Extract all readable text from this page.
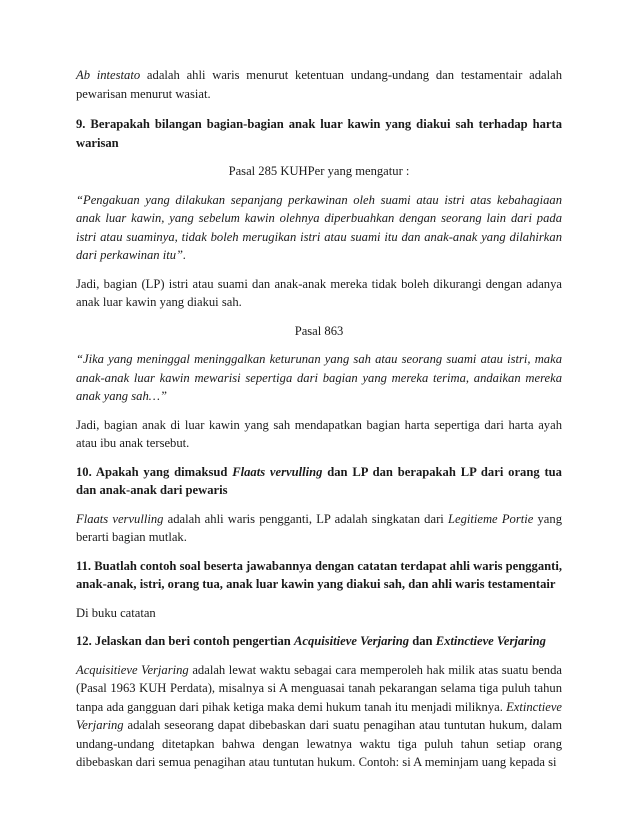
Ab intestato adalah ahli waris menurut ketentuan undang-undang dan testamentair adalah pewarisan menurut wasiat.

9. Berapakah bilangan bagian-bagian anak luar kawin yang diakui sah terhadap harta warisan

Pasal 285 KUHPer yang mengatur :

“Pengakuan yang dilakukan sepanjang perkawinan oleh suami atau istri atas kebahagiaan anak luar kawin, yang sebelum kawin olehnya diperbuahkan dengan seorang lain dari pada istri atau suaminya, tidak boleh merugikan istri atau suami itu dan anak-anak yang dilahirkan dari perkawinan itu”.

Jadi, bagian (LP) istri atau suami dan anak-anak mereka tidak boleh dikurangi dengan adanya anak luar kawin yang diakui sah.

Pasal 863

“Jika yang meninggal meninggalkan keturunan yang sah atau seorang suami atau istri, maka anak-anak luar kawin mewarisi sepertiga dari bagian yang mereka terima, andaikan mereka anak yang sah…”

Jadi, bagian anak di luar kawin yang sah mendapatkan bagian harta sepertiga dari harta ayah atau ibu anak tersebut.

10. Apakah yang dimaksud Flaats vervulling dan LP dan berapakah LP dari orang tua dan anak-anak dari pewaris

Flaats vervulling adalah ahli waris pengganti, LP adalah singkatan dari Legitieme Portie yang berarti bagian mutlak.

11. Buatlah contoh soal beserta jawabannya dengan catatan terdapat ahli waris pengganti, anak-anak, istri, orang tua, anak luar kawin yang diakui sah, dan ahli waris testamentair

Di buku catatan

12. Jelaskan dan beri contoh pengertian Acquisitieve Verjaring dan Extinctieve Verjaring

Acquisitieve Verjaring adalah lewat waktu sebagai cara memperoleh hak milik atas suatu benda (Pasal 1963 KUH Perdata), misalnya si A menguasai tanah pekarangan selama tiga puluh tahun tanpa ada gangguan dari pihak ketiga maka demi hukum tanah itu menjadi miliknya. Extinctieve Verjaring adalah seseorang dapat dibebaskan dari suatu penagihan atau tuntutan hukum, dalam undang-undang ditetapkan bahwa dengan lewatnya waktu tiga puluh tahun setiap orang dibebaskan dari semua penagihan atau tuntutan hukum. Contoh: si A meminjam uang kepada si
